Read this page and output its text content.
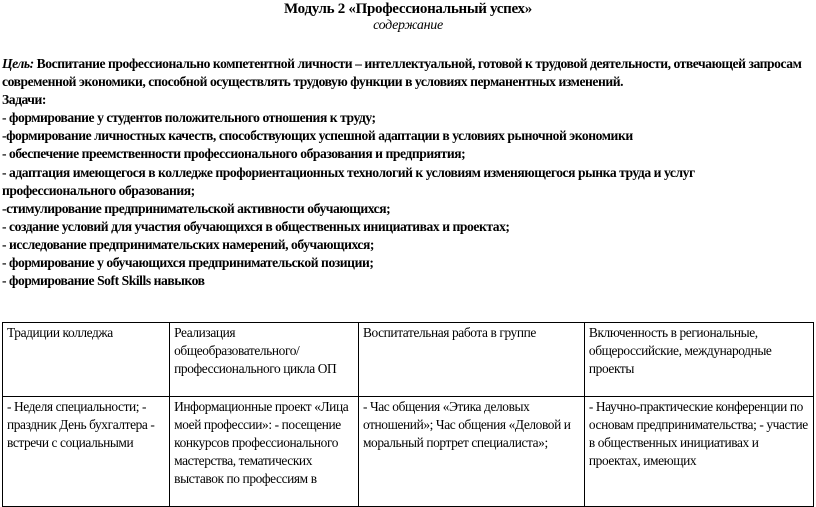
Модуль 2 «Профессиональный успех»
содержание
Цель: Воспитание профессионально компетентной личности – интеллектуальной, готовой к трудовой деятельности, отвечающей запросам современной экономики, способной осуществлять трудовую функции в условиях перманентных изменений.
Задачи:
- формирование у студентов положительного отношения к труду;
-формирование личностных качеств, способствующих успешной адаптации в условиях рыночной экономики
- обеспечение преемственности профессионального образования и предприятия;
- адаптация имеющегося в колледже профориентационных технологий к условиям изменяющегося рынка труда и услуг профессионального образования;
-стимулирование предпринимательской активности обучающихся;
- создание условий для участия обучающихся в общественных инициативах и проектах;
- исследование предпринимательских намерений, обучающихся;
- формирование у обучающихся предпринимательской позиции;
- формирование Soft Skills навыков
Традиции колледжа	Реализация общеобразовательного/ профессионального цикла ОП	Воспитательная работа в группе	Включенность в региональные, общероссийские, международные проекты
- Неделя специальности; - праздник День бухгалтера - встречи с социальными	Информационные проект «Лица моей профессии»: - посещение конкурсов профессионального мастерства, тематических выставок по профессиям в	- Час общения «Этика деловых отношений»; Час общения «Деловой и моральный портрет специалиста»;	- Научно-практические конференции по основам предпринимательства; - участие в общественных инициативах и проектах, имеющих
